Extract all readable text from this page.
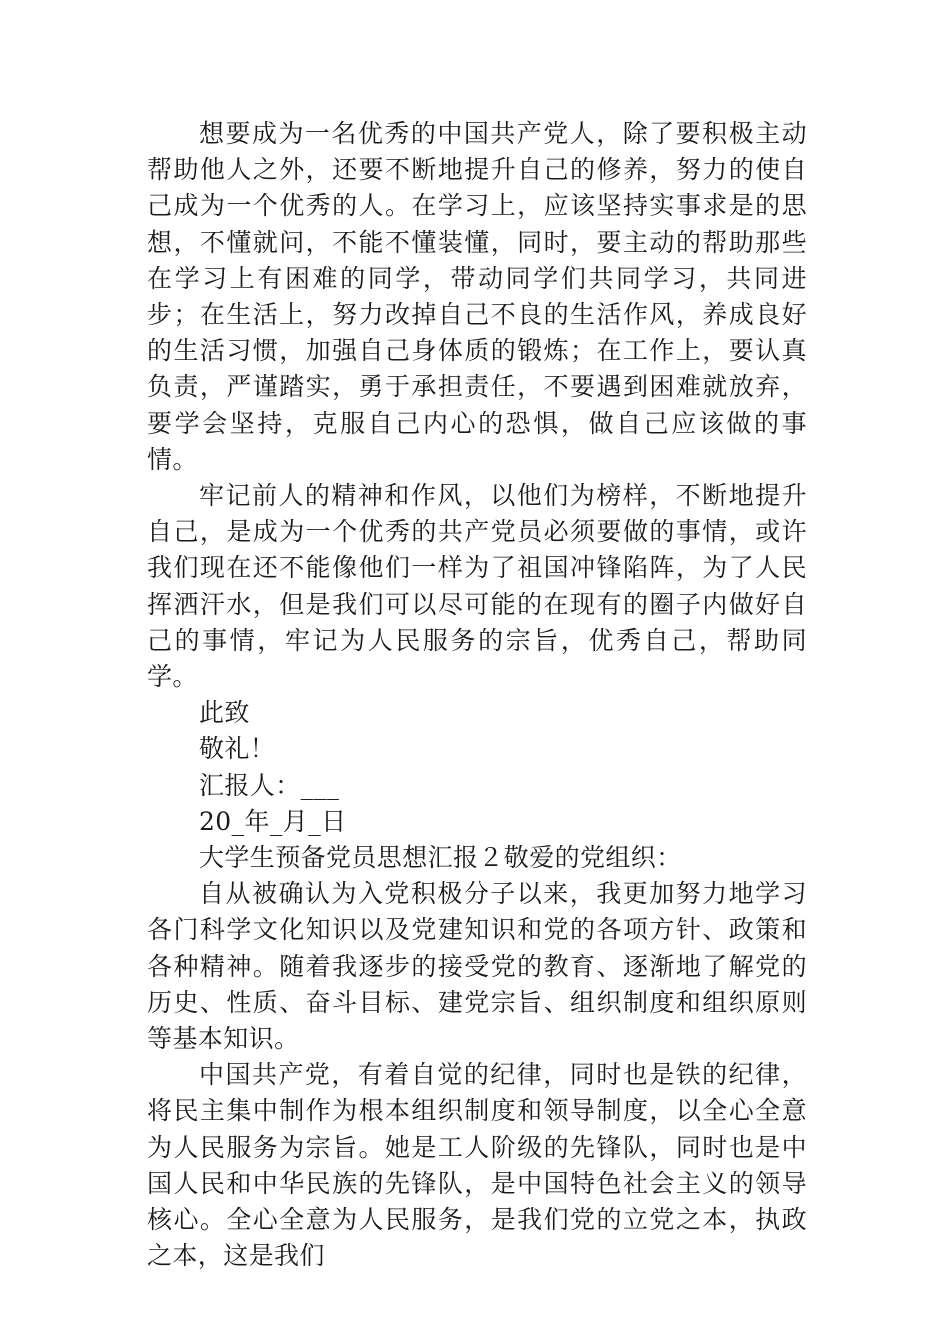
想要成为一名优秀的中国共产党人，除了要积极主动帮助他人之外，还要不断地提升自己的修养，努力的使自己成为一个优秀的人。在学习上，应该坚持实事求是的思想，不懂就问，不能不懂装懂，同时，要主动的帮助那些在学习上有困难的同学，带动同学们共同学习，共同进步；在生活上，努力改掉自己不良的生活作风，养成良好的生活习惯，加强自己身体质的锻炼；在工作上，要认真负责，严谨踏实，勇于承担责任，不要遇到困难就放弃，要学会坚持，克服自己内心的恐惧，做自己应该做的事情。

牢记前人的精神和作风，以他们为榜样，不断地提升自己，是成为一个优秀的共产党员必须要做的事情，或许我们现在还不能像他们一样为了祖国冲锋陷阵，为了人民挥洒汗水，但是我们可以尽可能的在现有的圈子内做好自己的事情，牢记为人民服务的宗旨，优秀自己，帮助同学。

此致

敬礼！

汇报人：___

20_年_月_日

大学生预备党员思想汇报２敬爱的党组织：

自从被确认为入党积极分子以来，我更加努力地学习各门科学文化知识以及党建知识和党的各项方针、政策和各种精神。随着我逐步的接受党的教育、逐渐地了解党的历史、性质、奋斗目标、建党宗旨、组织制度和组织原则等基本知识。

中国共产党，有着自觉的纪律，同时也是铁的纪律，将民主集中制作为根本组织制度和领导制度，以全心全意为人民服务为宗旨。她是工人阶级的先锋队，同时也是中国人民和中华民族的先锋队，是中国特色社会主义的领导核心。全心全意为人民服务，是我们党的立党之本，执政之本，这是我们
